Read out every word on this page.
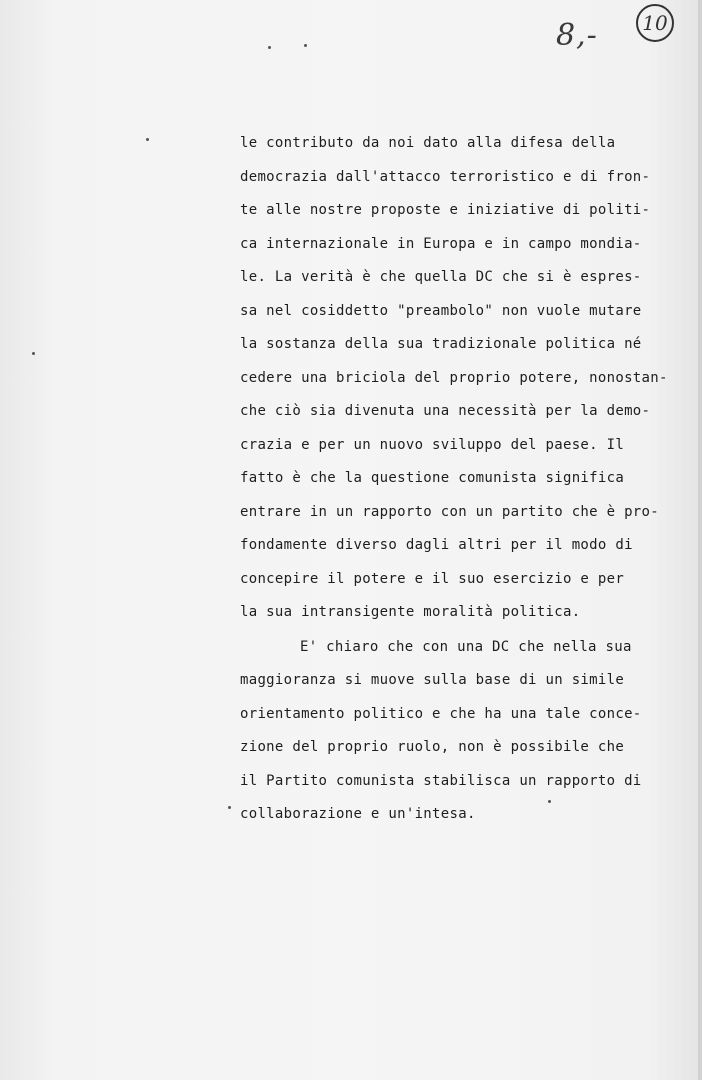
8,-	10
le contributo da noi dato alla difesa della
democrazia dall'attacco terroristico e di fron-
te alle nostre proposte e iniziative di politi-
ca internazionale in Europa e in campo mondia-
le. La verità è che quella DC che si è espres-
sa nel cosiddetto "preambolo" non vuole mutare
la sostanza della sua tradizionale politica né
cedere una briciola del proprio potere, nonostan-
che ciò sia divenuta una necessità per la demo-
crazia e per un nuovo sviluppo del paese. Il
fatto è che la questione comunista significa
entrare in un rapporto con un partito che è pro-
fondamente diverso dagli altri per il modo di
concepire il potere e il suo esercizio e per
la sua intransigente moralità politica.
E' chiaro che con una DC che nella sua
maggioranza si muove sulla base di un simile
orientamento politico e che ha una tale conce-
zione del proprio ruolo, non è possibile che
il Partito comunista stabilisca un rapporto di
collaborazione e un'intesa.
